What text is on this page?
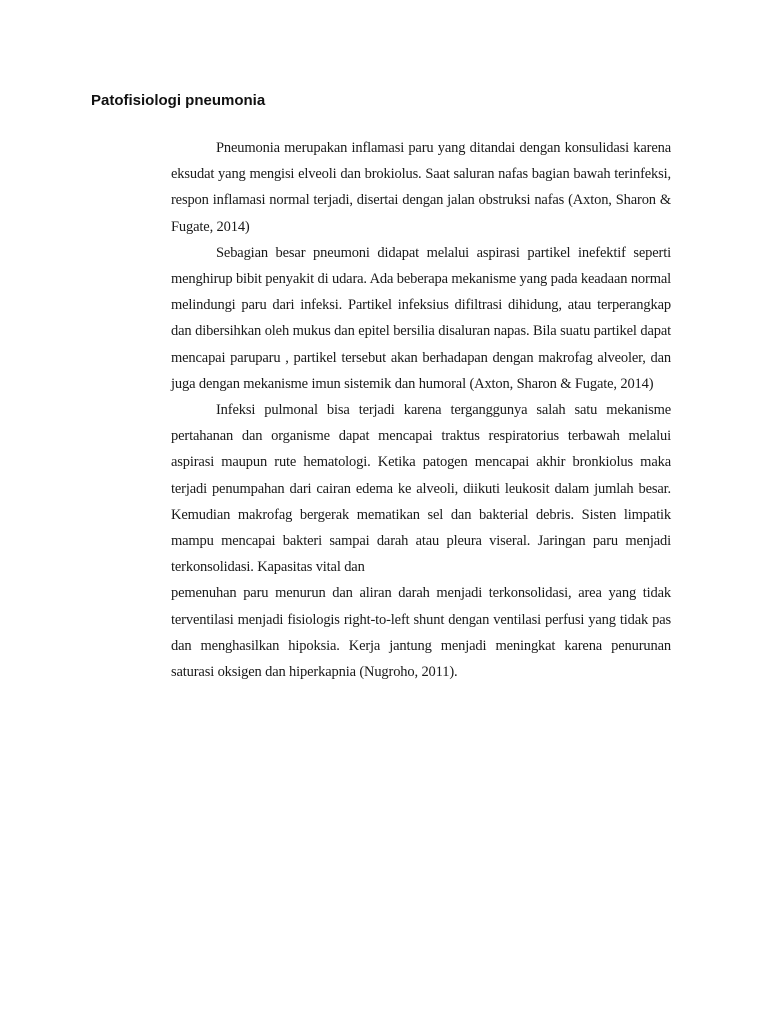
Patofisiologi pneumonia

Pneumonia merupakan inflamasi paru yang ditandai dengan konsulidasi karena eksudat yang mengisi elveoli dan brokiolus. Saat saluran nafas bagian bawah terinfeksi, respon inflamasi normal terjadi, disertai dengan jalan obstruksi nafas (Axton, Sharon & Fugate, 2014)

Sebagian besar pneumoni didapat melalui aspirasi partikel inefektif seperti menghirup bibit penyakit di udara. Ada beberapa mekanisme yang pada keadaan normal melindungi paru dari infeksi. Partikel infeksius difiltrasi dihidung, atau terperangkap dan dibersihkan oleh mukus dan epitel bersilia disaluran napas. Bila suatu partikel dapat mencapai paruparu , partikel tersebut akan berhadapan dengan makrofag alveoler, dan juga dengan mekanisme imun sistemik dan humoral (Axton, Sharon & Fugate, 2014)

Infeksi pulmonal bisa terjadi karena terganggunya salah satu mekanisme pertahanan dan organisme dapat mencapai traktus respiratorius terbawah melalui aspirasi maupun rute hematologi. Ketika patogen mencapai akhir bronkiolus maka terjadi penumpahan dari cairan edema ke alveoli, diikuti leukosit dalam jumlah besar. Kemudian makrofag bergerak mematikan sel dan bakterial debris. Sisten limpatik mampu mencapai bakteri sampai darah atau pleura viseral. Jaringan paru menjadi terkonsolidasi. Kapasitas vital dan

pemenuhan paru menurun dan aliran darah menjadi terkonsolidasi, area yang tidak terventilasi menjadi fisiologis right-to-left shunt dengan ventilasi perfusi yang tidak pas dan menghasilkan hipoksia. Kerja jantung menjadi meningkat karena penurunan saturasi oksigen dan hiperkapnia (Nugroho, 2011).
